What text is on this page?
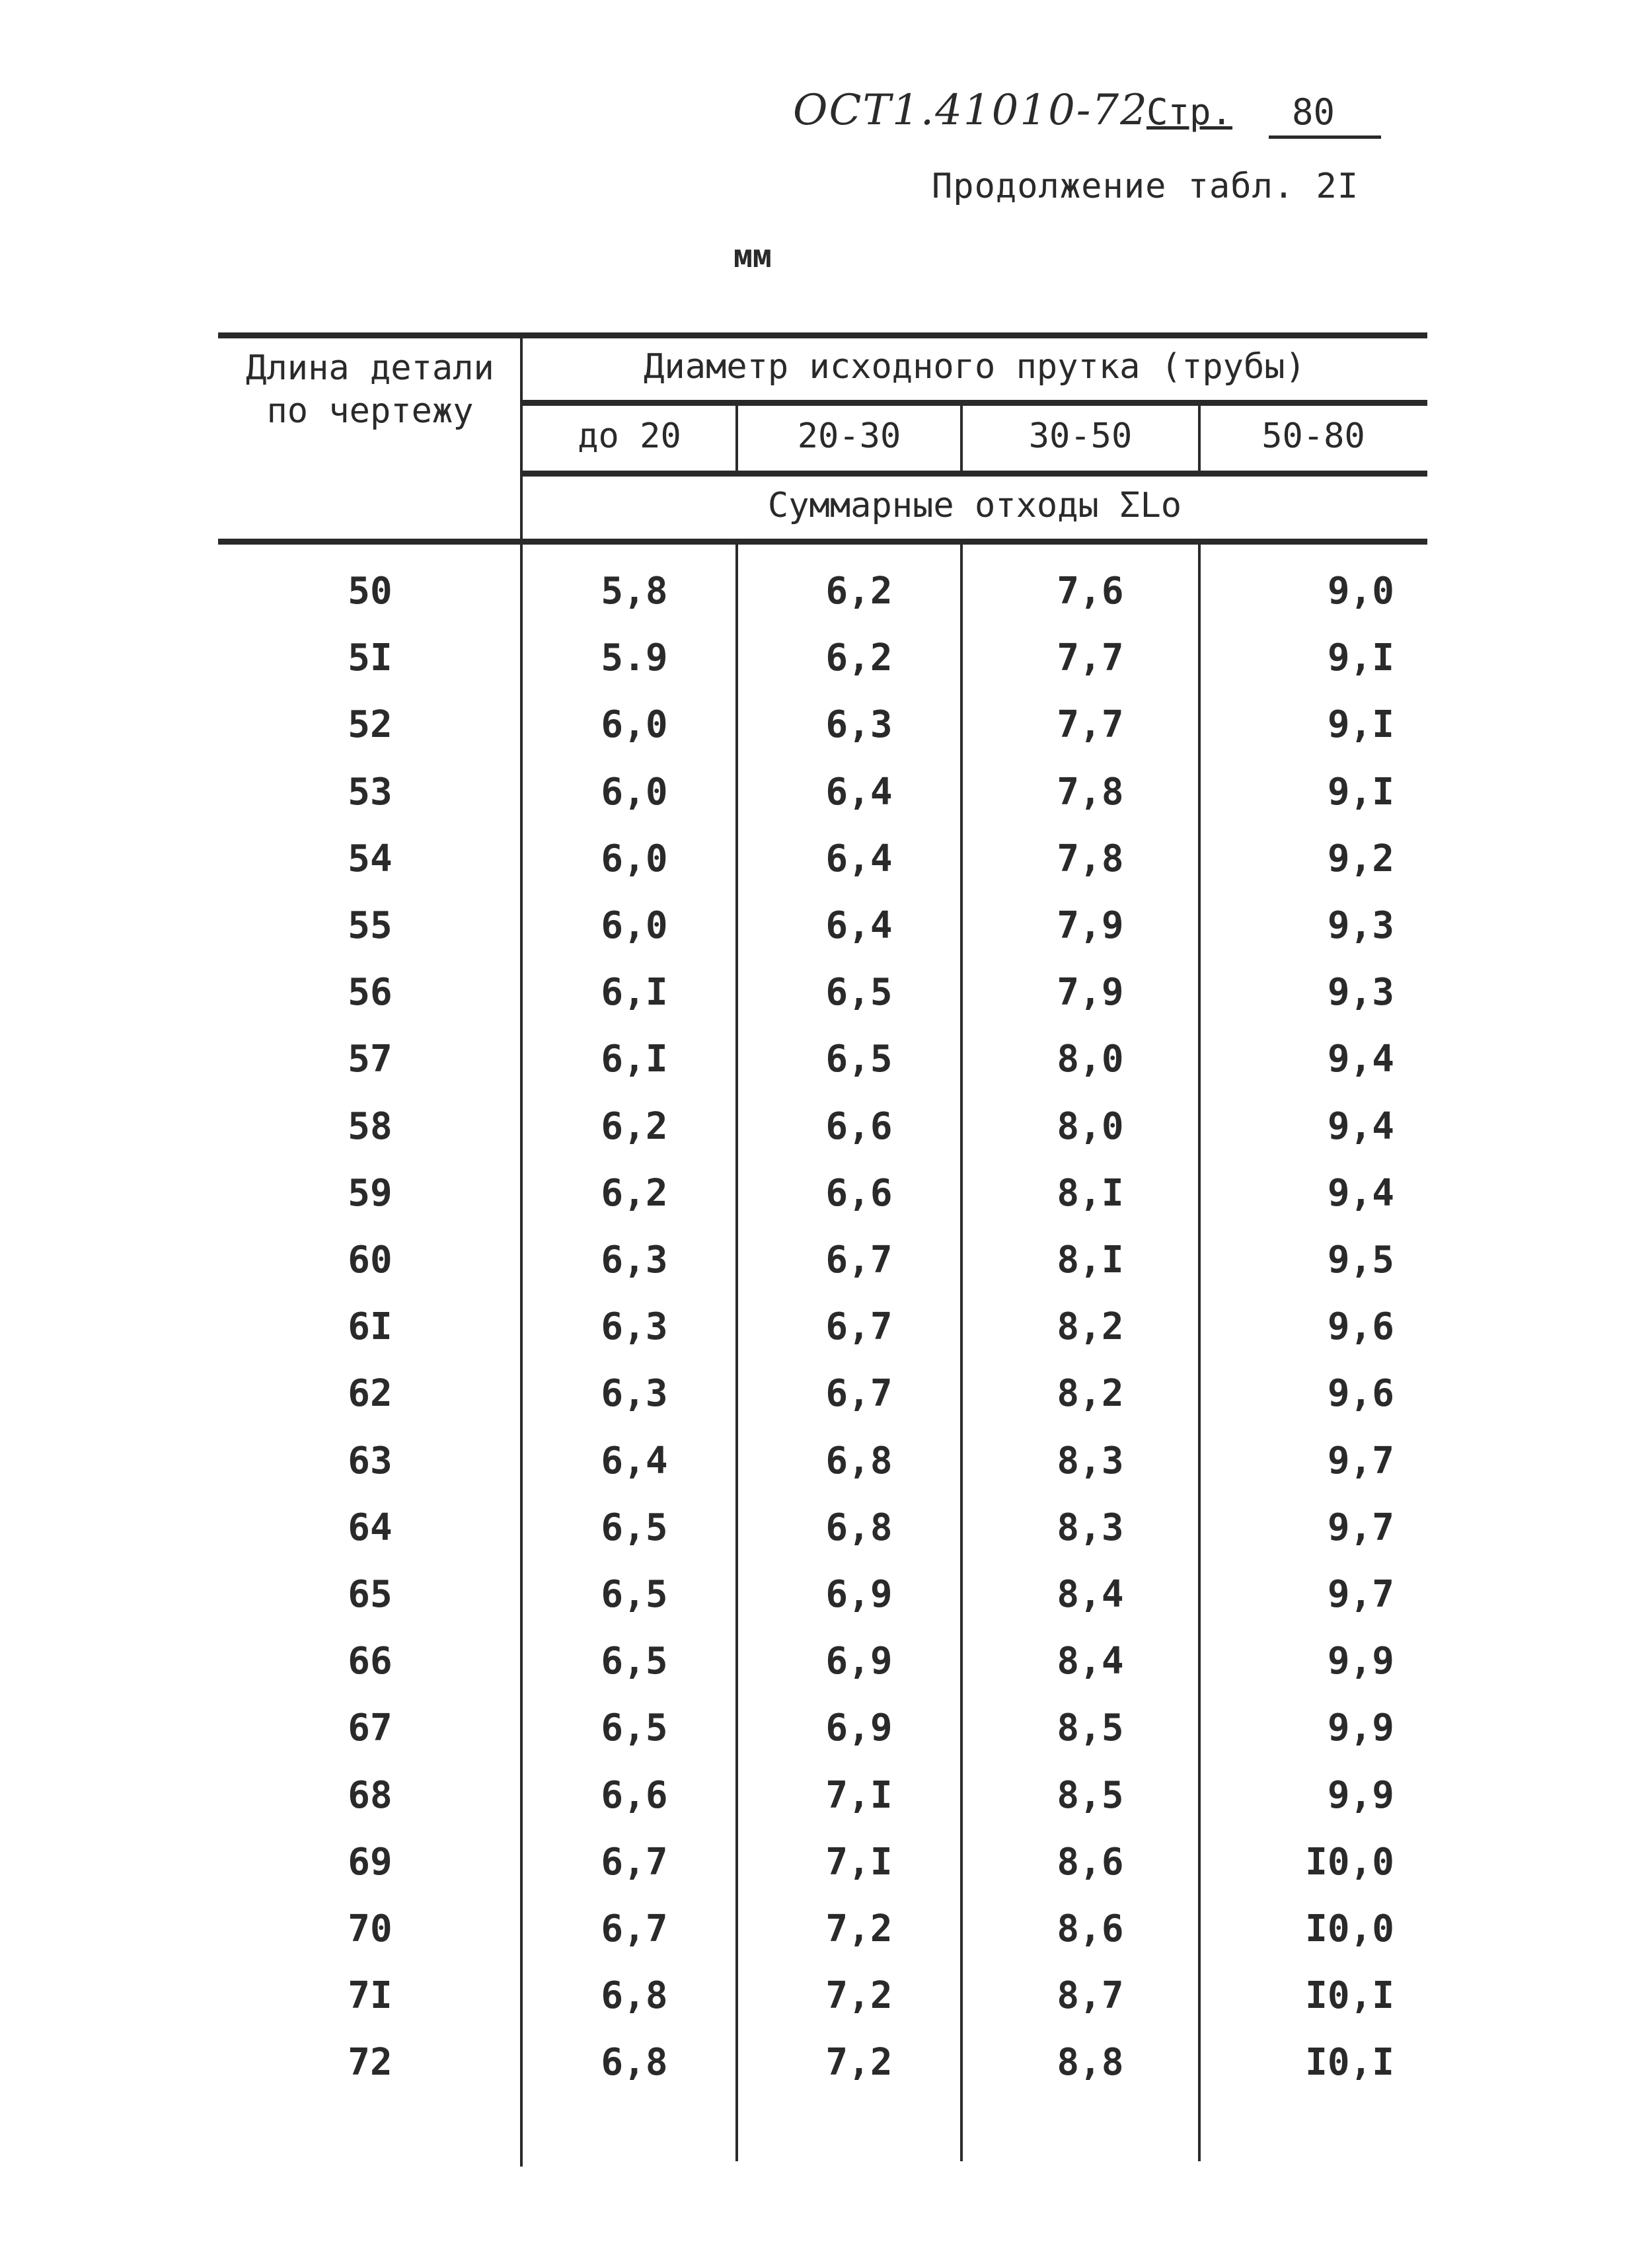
ОСТ1.41010-72
Стр. 80
Продолжение табл. 2I
мм
Длина детали по чертежу
Диаметр исходного прутка (трубы)
до 20	20-30	30-50	50-80
Суммарные отходы ΣLo
50	5,8	6,2	7,6	9,0
5I	5.9	6,2	7,7	9,I
52	6,0	6,3	7,7	9,I
53	6,0	6,4	7,8	9,I
54	6,0	6,4	7,8	9,2
55	6,0	6,4	7,9	9,3
56	6,I	6,5	7,9	9,3
57	6,I	6,5	8,0	9,4
58	6,2	6,6	8,0	9,4
59	6,2	6,6	8,I	9,4
60	6,3	6,7	8,I	9,5
6I	6,3	6,7	8,2	9,6
62	6,3	6,7	8,2	9,6
63	6,4	6,8	8,3	9,7
64	6,5	6,8	8,3	9,7
65	6,5	6,9	8,4	9,7
66	6,5	6,9	8,4	9,9
67	6,5	6,9	8,5	9,9
68	6,6	7,I	8,5	9,9
69	6,7	7,I	8,6	I0,0
70	6,7	7,2	8,6	I0,0
7I	6,8	7,2	8,7	I0,I
72	6,8	7,2	8,8	I0,I
